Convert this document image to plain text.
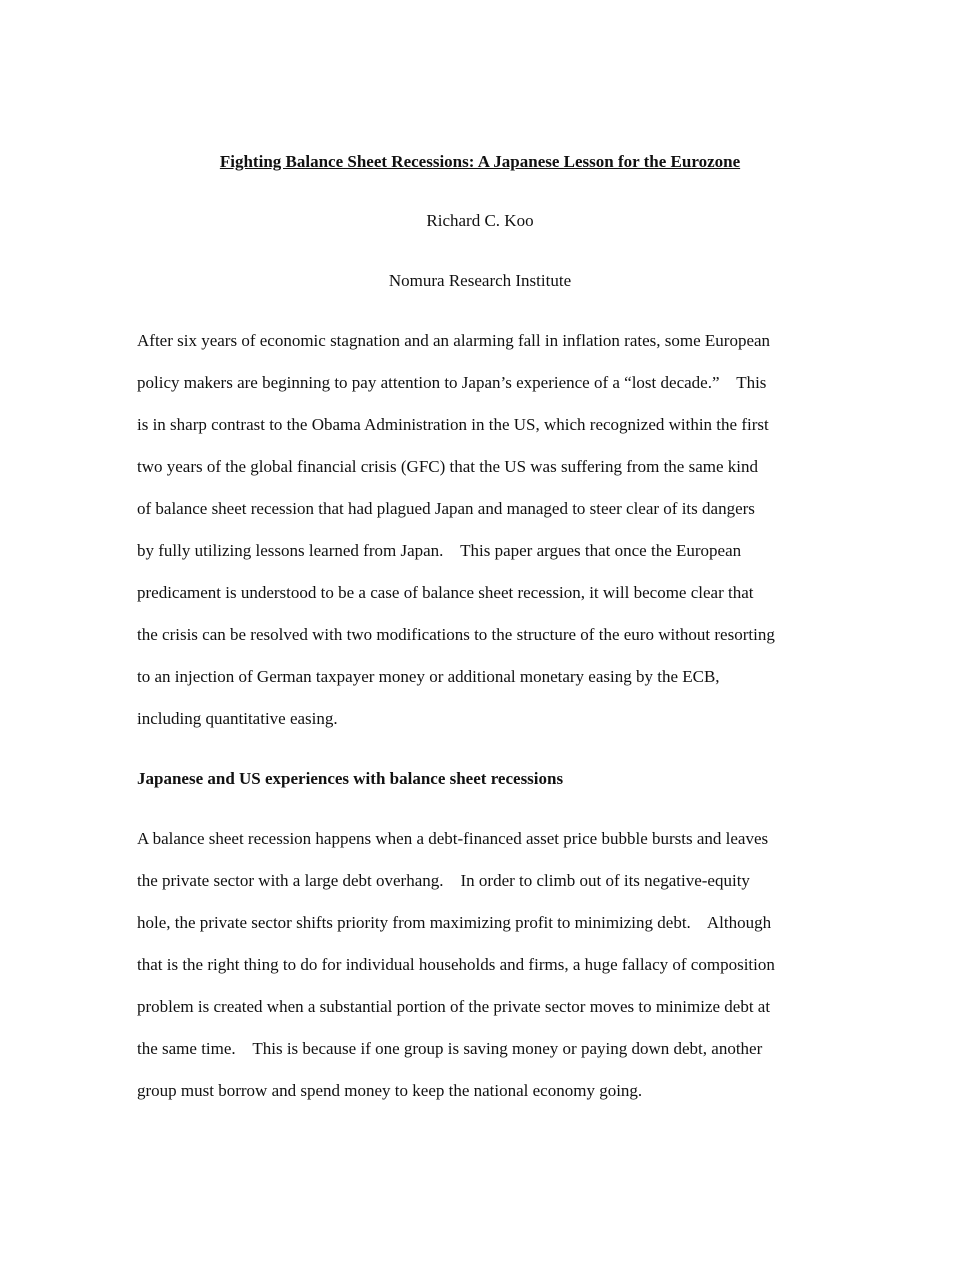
Fighting Balance Sheet Recessions: A Japanese Lesson for the Eurozone
Richard C. Koo
Nomura Research Institute

After six years of economic stagnation and an alarming fall in inflation rates, some European
policy makers are beginning to pay attention to Japan’s experience of a “lost decade.”    This
is in sharp contrast to the Obama Administration in the US, which recognized within the first
two years of the global financial crisis (GFC) that the US was suffering from the same kind
of balance sheet recession that had plagued Japan and managed to steer clear of its dangers
by fully utilizing lessons learned from Japan.    This paper argues that once the European
predicament is understood to be a case of balance sheet recession, it will become clear that
the crisis can be resolved with two modifications to the structure of the euro without resorting
to an injection of German taxpayer money or additional monetary easing by the ECB,
including quantitative easing.

Japanese and US experiences with balance sheet recessions

A balance sheet recession happens when a debt-financed asset price bubble bursts and leaves
the private sector with a large debt overhang.    In order to climb out of its negative-equity
hole, the private sector shifts priority from maximizing profit to minimizing debt.    Although
that is the right thing to do for individual households and firms, a huge fallacy of composition
problem is created when a substantial portion of the private sector moves to minimize debt at
the same time.    This is because if one group is saving money or paying down debt, another
group must borrow and spend money to keep the national economy going.
